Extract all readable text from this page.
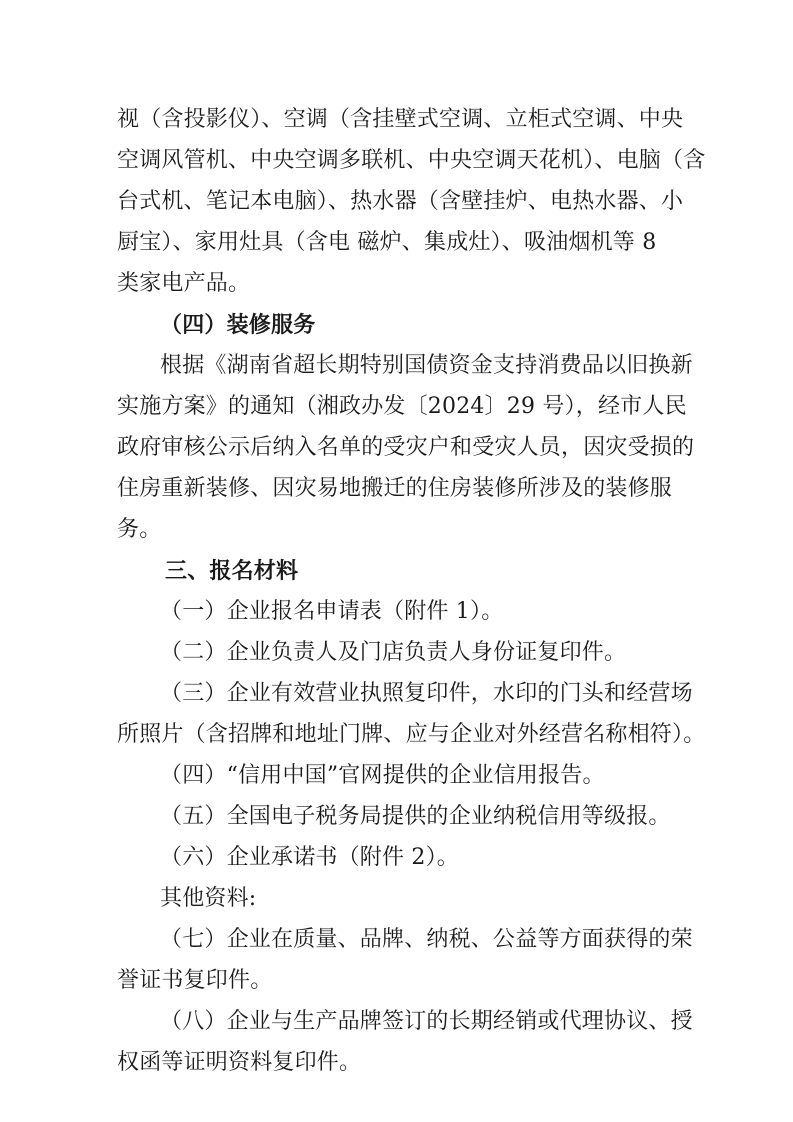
视（含投影仪）、空调（含挂壁式空调、立柜式空调、中央
空调风管机、中央空调多联机、中央空调天花机）、电脑（含
台式机、笔记本电脑）、热水器（含壁挂炉、电热水器、小
厨宝）、家用灶具（含电 磁炉、集成灶）、吸油烟机等 8
类家电产品。
（四）装修服务
根据《湖南省超长期特别国债资金支持消费品以旧换新
实施方案》的通知（湘政办发〔2024〕29 号），经市人民
政府审核公示后纳入名单的受灾户和受灾人员，因灾受损的
住房重新装修、因灾易地搬迁的住房装修所涉及的装修服
务。
三、报名材料
（一）企业报名申请表（附件 1）。
（二）企业负责人及门店负责人身份证复印件。
（三）企业有效营业执照复印件，水印的门头和经营场
所照片（含招牌和地址门牌、应与企业对外经营名称相符）。
（四）“信用中国”官网提供的企业信用报告。
（五）全国电子税务局提供的企业纳税信用等级报。
（六）企业承诺书（附件 2）。
其他资料:
（七）企业在质量、品牌、纳税、公益等方面获得的荣
誉证书复印件。
（八）企业与生产品牌签订的长期经销或代理协议、授
权函等证明资料复印件。
